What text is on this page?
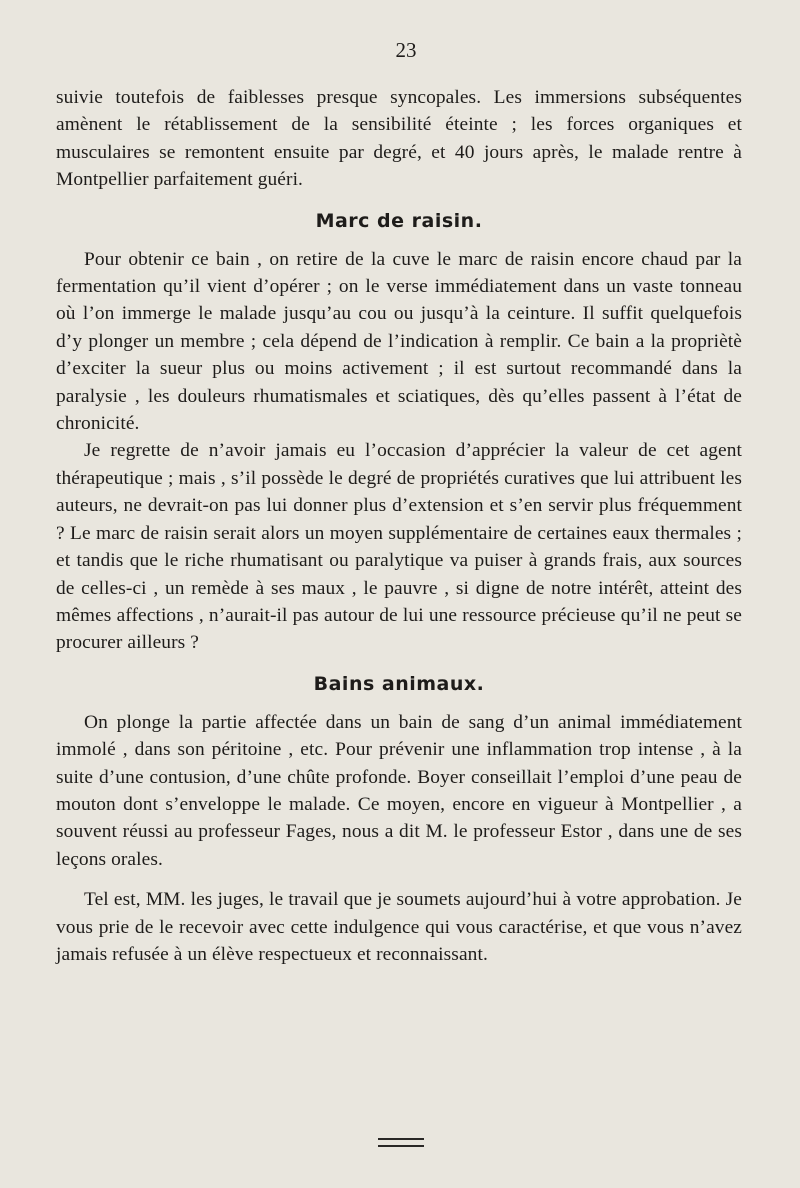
23

suivie toutefois de faiblesses presque syncopales. Les immersions subséquentes amènent le rétablissement de la sensibilité éteinte ; les forces organiques et musculaires se remontent ensuite par degré, et 40 jours après, le malade rentre à Montpellier parfaitement guéri.

Marc de raisin.

Pour obtenir ce bain , on retire de la cuve le marc de raisin encore chaud par la fermentation qu’il vient d’opérer ; on le verse immédiatement dans un vaste tonneau où l’on immerge le malade jusqu’au cou ou jusqu’à la ceinture. Il suffit quelquefois d’y plonger un membre ; cela dépend de l’indication à remplir. Ce bain a la propriètè d’exciter la sueur plus ou moins activement ; il est surtout recommandé dans la paralysie , les douleurs rhumatismales et sciatiques, dès qu’elles passent à l’état de chronicité.

Je regrette de n’avoir jamais eu l’occasion d’apprécier la valeur de cet agent thérapeutique ; mais , s’il possède le degré de propriétés curatives que lui attribuent les auteurs, ne devrait-on pas lui donner plus d’extension et s’en servir plus fréquemment ? Le marc de raisin serait alors un moyen supplémentaire de certaines eaux thermales ; et tandis que le riche rhumatisant ou paralytique va puiser à grands frais, aux sources de celles-ci , un remède à ses maux , le pauvre , si digne de notre intérêt, atteint des mêmes affections , n’aurait-il pas autour de lui une ressource précieuse qu’il ne peut se procurer ailleurs ?

Bains animaux.

On plonge la partie affectée dans un bain de sang d’un animal immédiatement immolé , dans son péritoine , etc. Pour prévenir une inflammation trop intense , à la suite d’une contusion, d’une chûte profonde. Boyer conseillait l’emploi d’une peau de mouton dont s’enveloppe le malade. Ce moyen, encore en vigueur à Montpellier , a souvent réussi au professeur Fages, nous a dit M. le professeur Estor , dans une de ses leçons orales.

Tel est, MM. les juges, le travail que je soumets aujourd’hui à votre approbation. Je vous prie de le recevoir avec cette indulgence qui vous caractérise, et que vous n’avez jamais refusée à un élève respectueux et reconnaissant.
